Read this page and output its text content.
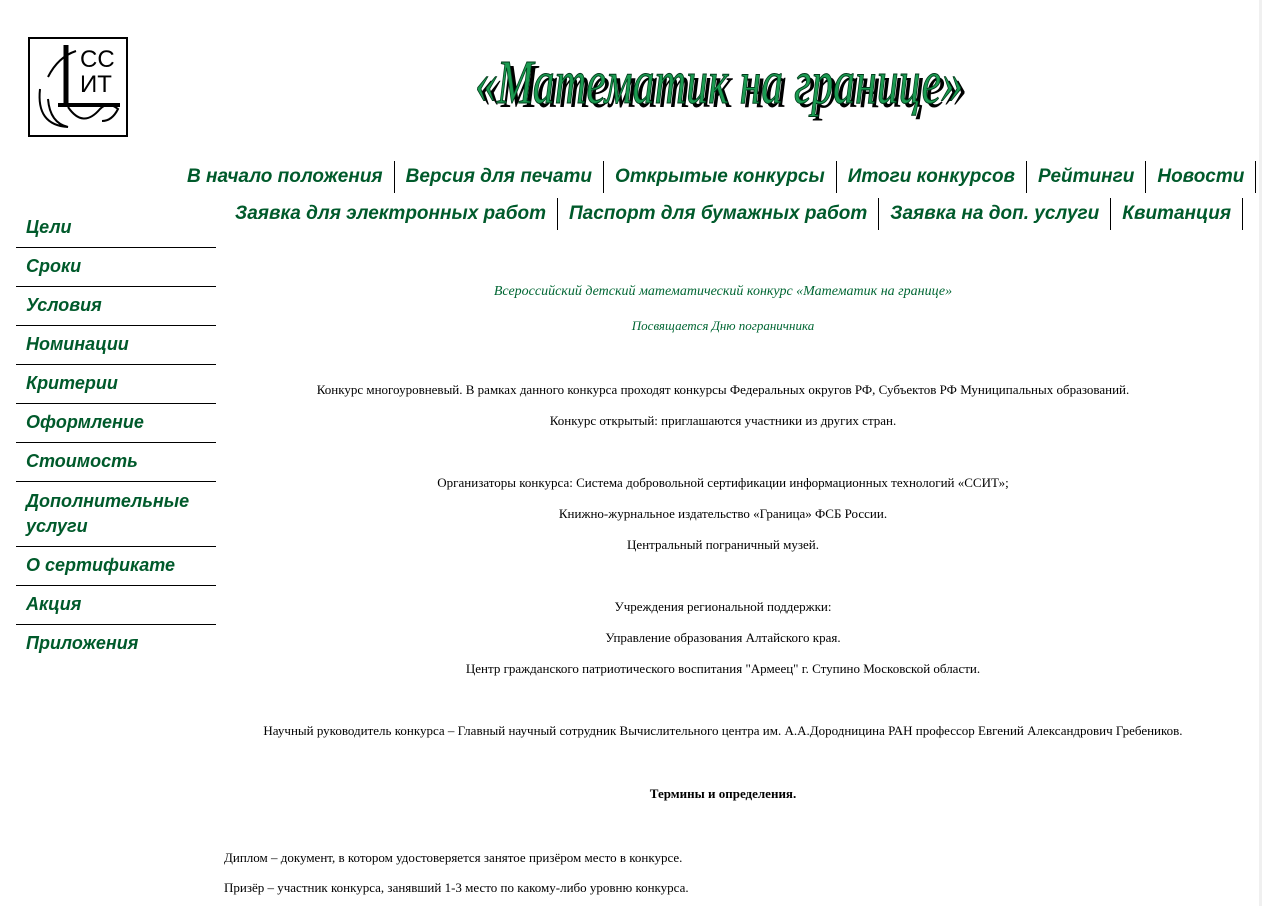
СС
ИТ	«Математик на границе»
«Математик на границе»
В начало положения Версия для печати Открытые конкурсы Итоги конкурсов Рейтинги Новости
Заявка для электронных работ Паспорт для бумажных работ Заявка на доп. услуги Квитанция
Цели
Сроки
Условия
Номинации
Критерии
Оформление
Стоимость
Дополнительные услуги
О сертификате
Акция
Приложения
Всероссийский детский математический конкурс «Математик на границе»
Посвящается Дню пограничника
Конкурс многоуровневый. В рамках данного конкурса проходят конкурсы Федеральных округов РФ, Субъектов РФ Муниципальных образований.
Конкурс открытый: приглашаются участники из других стран.
Организаторы конкурса: Система добровольной сертификации информационных технологий «ССИТ»;
Книжно-журнальное издательство «Граница» ФСБ России.
Центральный пограничный музей.
Учреждения региональной поддержки:
Управление образования Алтайского края.
Центр гражданского патриотического воспитания "Армеец" г. Ступино Московской области.
Научный руководитель конкурса – Главный научный сотрудник Вычислительного центра им. А.А.Дородницина РАН профессор Евгений Александрович Гребеников.
Термины и определения.
Диплом – документ, в котором удостоверяется занятое призёром место в конкурсе.
Призёр – участник конкурса, занявший 1-3 место по какому-либо уровню конкурса.
